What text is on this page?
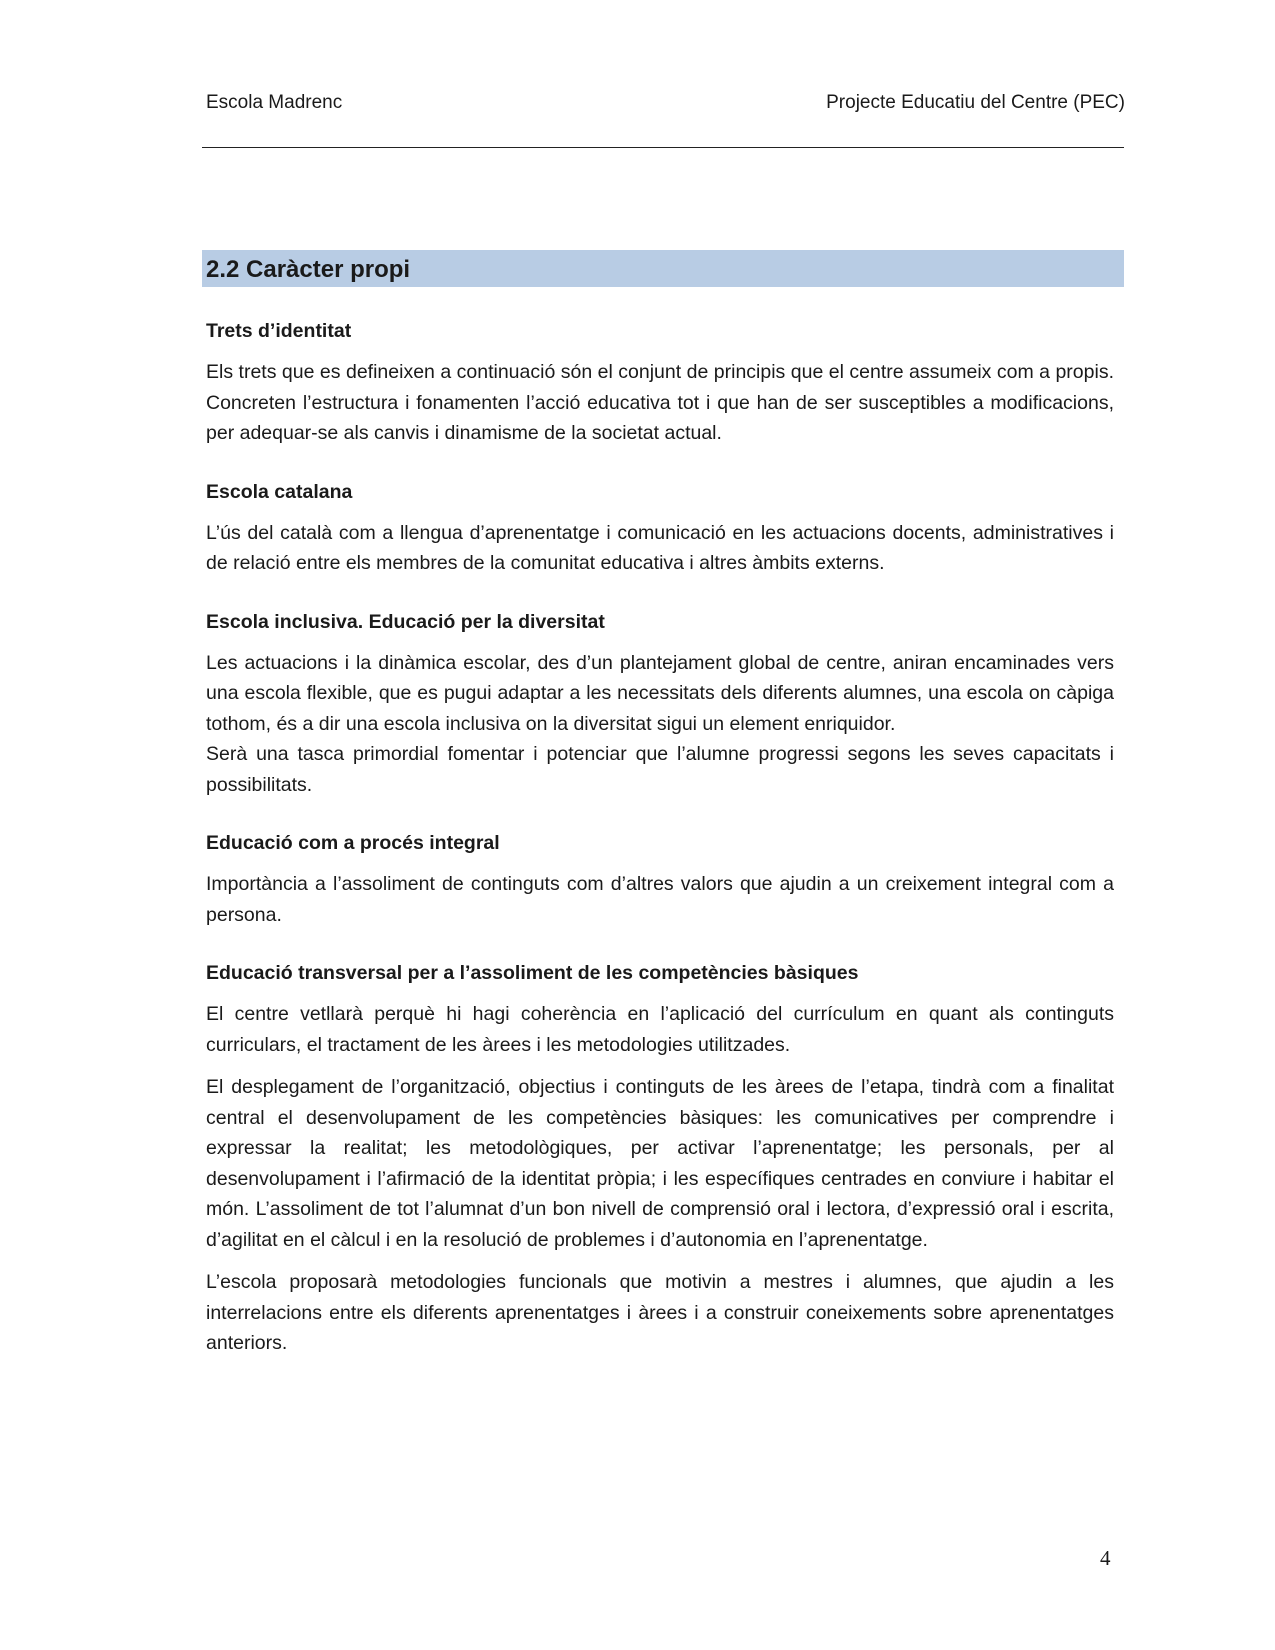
Escola Madrenc	Projecte Educatiu del Centre (PEC)
2.2 Caràcter propi
Trets d’identitat

Els trets que es defineixen a continuació són el conjunt de principis que el centre assumeix com a propis. Concreten l’estructura i fonamenten l’acció educativa tot i que han de ser susceptibles a modificacions, per adequar-se als canvis i dinamisme de la societat actual.

Escola catalana

L’ús del català com a llengua d’aprenentatge i comunicació en les actuacions docents, administratives i de relació entre els membres de la comunitat educativa i altres àmbits externs.

Escola inclusiva. Educació per la diversitat

Les actuacions i la dinàmica escolar, des d’un plantejament global de centre, aniran encaminades vers una escola flexible, que es pugui adaptar a les necessitats dels diferents alumnes, una escola on càpiga tothom, és a dir una escola inclusiva on la diversitat sigui un element enriquidor.

Serà una tasca primordial fomentar i potenciar que l’alumne progressi segons les seves capacitats i possibilitats.

Educació com a procés integral

Importància a l’assoliment de continguts com d’altres valors que ajudin a un creixement integral com a persona.

Educació transversal per a l’assoliment de les competències bàsiques

El centre vetllarà perquè hi hagi coherència en l’aplicació del currículum en quant als continguts curriculars, el tractament de les àrees i les metodologies utilitzades.

El desplegament de l’organització, objectius i continguts de les àrees de l’etapa, tindrà com a finalitat central el desenvolupament de les competències bàsiques: les comunicatives per comprendre i expressar la realitat; les metodològiques, per activar l’aprenentatge; les personals, per al desenvolupament i l’afirmació de la identitat pròpia; i les específiques centrades en conviure i habitar el món. L’assoliment de tot l’alumnat d’un bon nivell de comprensió oral i lectora, d’expressió oral i escrita, d’agilitat en el càlcul i en la resolució de problemes i d’autonomia en l’aprenentatge.

L’escola proposarà metodologies funcionals que motivin a mestres i alumnes, que ajudin a les interrelacions entre els diferents aprenentatges i àrees i a construir coneixements sobre aprenentatges anteriors.

4
